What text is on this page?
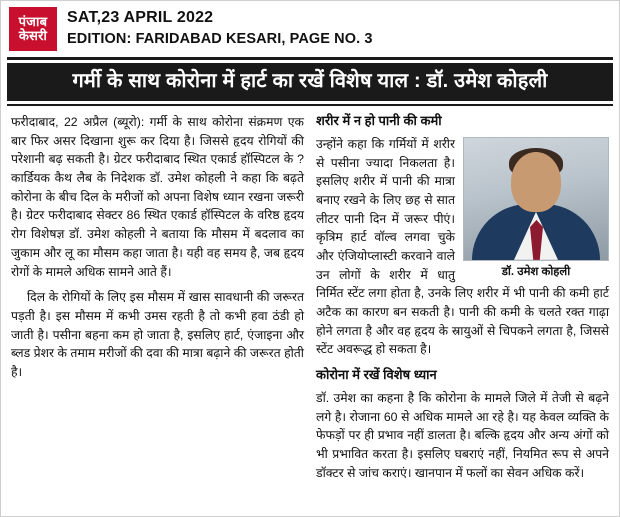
पंजाब
केसरी
SAT,23 APRIL 2022
EDITION: FARIDABAD KESARI, PAGE NO. 3
गर्मी के साथ कोरोना में हार्ट का रखें विशेष याल : डॉ. उमेश कोहली

फरीदाबाद, 22 अप्रैल (ब्यूरो): गर्मी के साथ कोरोना संक्रमण एक बार फिर असर दिखाना शुरू कर दिया है। जिससे हृदय रोगियों की परेशानी बढ़ सकती है। ग्रेटर फरीदाबाद स्थित एकार्ड हॉस्पिटल के ?कार्डियक कैथ लैब के निदेशक डॉ. उमेश कोहली ने कहा कि बढ़ते कोरोना के बीच दिल के मरीजों को अपना विशेष ध्यान रखना जरूरी है। ग्रेटर फरीदाबाद सेक्टर 86 स्थित एकार्ड हॉस्पिटल के वरिष्ठ हृदय रोग विशेषज्ञ डॉ. उमेश कोहली ने बताया कि मौसम में बदलाव का जुकाम और लू का मौसम कहा जाता है। यही वह समय है, जब हृदय रोगों के मामले अधिक सामने आते हैं।

दिल के रोगियों के लिए इस मौसम में खास सावधानी की जरूरत पड़ती है। इस मौसम में कभी उमस रहती है तो कभी हवा ठंडी हो जाती है। पसीना बहना कम हो जाता है, इसलिए हार्ट, एंजाइना और ब्लड प्रेशर के तमाम मरीजों की दवा की मात्रा बढ़ाने की जरूरत होती है।

शरीर में न हो पानी की कमी
डॉ. उमेश कोहली

उन्होंने कहा कि गर्मियों में शरीर से पसीना ज्यादा निकलता है। इसलिए शरीर में पानी की मात्रा बनाए रखने के लिए छह से सात लीटर पानी दिन में जरूर पीएं। कृत्रिम हार्ट वॉल्व लगवा चुके और एंजियोप्लास्टी करवाने वाले उन लोगों के शरीर में धातु निर्मित स्टेंट लगा होता है, उनके लिए शरीर में भी पानी की कमी हार्ट अटैक का कारण बन सकती है। पानी की कमी के चलते रक्त गाढ़ा होने लगता है और वह हृदय के स्रायुओं से चिपकने लगता है, जिससे स्टेंट अवरूद्ध हो सकता है।

कोरोना में रखें विशेष ध्यान

डॉ. उमेश का कहना है कि कोरोना के मामले जिले में तेजी से बढ़ने लगे है। रोजाना 60 से अधिक मामले आ रहे है। यह केवल व्यक्ति के फेफड़ों पर ही प्रभाव नहीं डालता है। बल्कि हृदय और अन्य अंगों को भी प्रभावित करता है। इसलिए घबराएं नहीं, नियमित रूप से अपने डॉक्टर से जांच कराएं। खानपान में फलों का सेवन अधिक करें।
